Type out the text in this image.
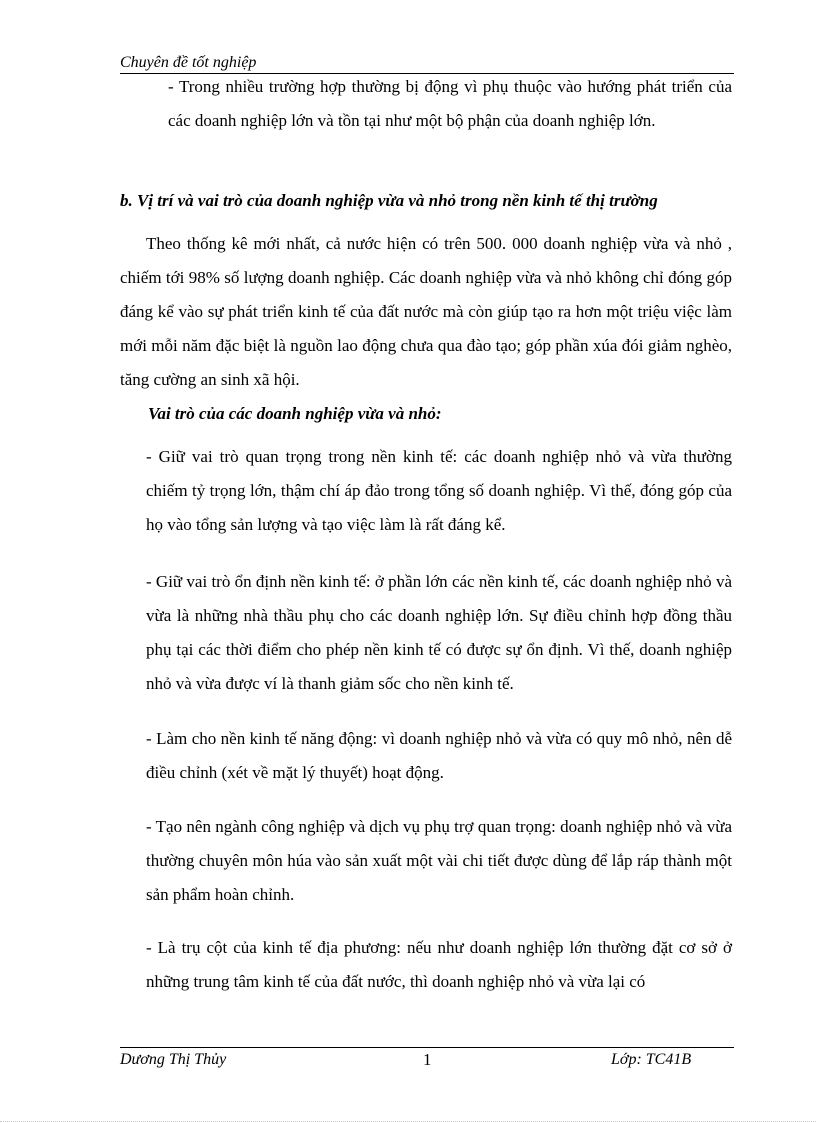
Chuyên đề tốt nghiệp
- Trong nhiều trường hợp thường bị động vì phụ thuộc vào hướng phát triển của các doanh nghiệp lớn và tồn tại như một bộ phận của doanh nghiệp lớn.
b. Vị trí và vai trò của doanh nghiệp vừa và nhỏ trong nền kinh tế thị trường
Theo thống kê mới nhất, cả nước hiện có trên 500. 000 doanh nghiệp vừa và nhỏ , chiếm tới 98% số lượng doanh nghiệp. Các doanh nghiệp vừa và nhỏ không chỉ đóng góp đáng kể vào sự phát triển kinh tế của đất nước mà còn giúp tạo ra hơn một triệu việc làm mới mỗi năm đặc biệt là nguồn lao động chưa qua đào tạo; góp phần xúa đói giảm nghèo, tăng cường an sinh xã hội.
Vai trò của các doanh nghiệp vừa và nhỏ:
- Giữ vai trò quan trọng trong nền kinh tế: các doanh nghiệp nhỏ và vừa thường chiếm tỷ trọng lớn, thậm chí áp đảo trong tổng số doanh nghiệp. Vì thế, đóng góp của họ vào tổng sản lượng và tạo việc làm là rất đáng kể.
- Giữ vai trò ổn định nền kinh tế: ở phần lớn các nền kinh tế, các doanh nghiệp nhỏ và vừa là những nhà thầu phụ cho các doanh nghiệp lớn. Sự điều chỉnh hợp đồng thầu phụ tại các thời điểm cho phép nền kinh tế có được sự ổn định. Vì thế, doanh nghiệp nhỏ và vừa được ví là thanh giảm sốc cho nền kinh tế.
- Làm cho nền kinh tế năng động: vì doanh nghiệp nhỏ và vừa có quy mô nhỏ, nên dễ điều chỉnh (xét về mặt lý thuyết) hoạt động.
- Tạo nên ngành công nghiệp và dịch vụ phụ trợ quan trọng: doanh nghiệp nhỏ và vừa thường chuyên môn húa vào sản xuất một vài chi tiết được dùng để lắp ráp thành một sản phẩm hoàn chỉnh.
- Là trụ cột của kinh tế địa phương: nếu như doanh nghiệp lớn thường đặt cơ sở ở những trung tâm kinh tế của đất nước, thì doanh nghiệp nhỏ và vừa lại có
Dương Thị Thủy	1	Lớp: TC41B
